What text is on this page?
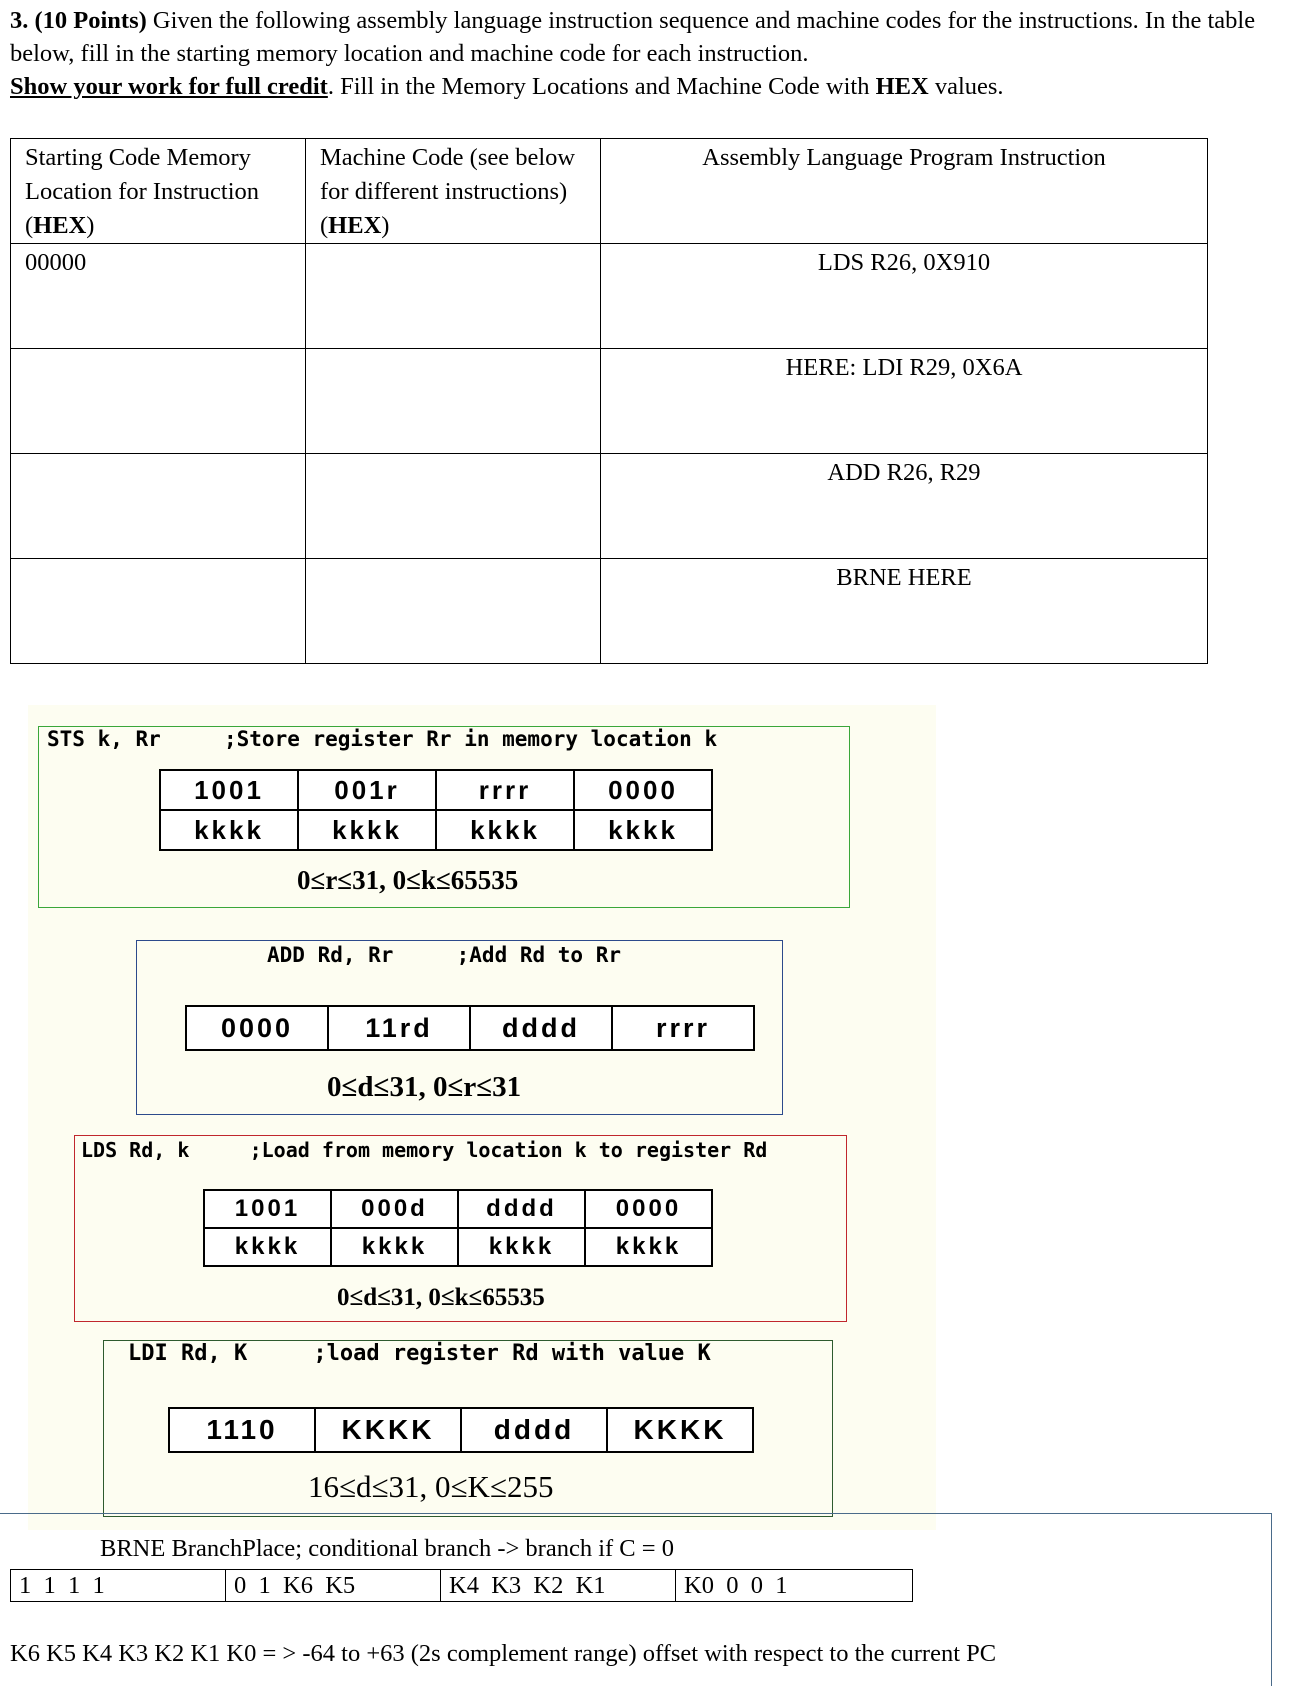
3. (10 Points) Given the following assembly language instruction sequence and machine codes for the instructions. In the table below, fill in the starting memory location and machine code for each instruction.
Show your work for full credit. Fill in the Memory Locations and Machine Code with HEX values.
Starting Code Memory Location for Instruction (HEX)	Machine Code (see below for different instructions) (HEX)	Assembly Language Program Instruction
00000		LDS R26, 0X910
		HERE: LDI R29, 0X6A
		ADD R26, R29
		BRNE HERE
STS k, Rr     ;Store register Rr in memory location k
1001	001r	rrrr	0000
kkkk	kkkk	kkkk	kkkk
0≤r≤31, 0≤k≤65535
ADD Rd, Rr     ;Add Rd to Rr
0000	11rd	dddd	rrrr
0≤d≤31, 0≤r≤31
LDS Rd, k     ;Load from memory location k to register Rd
1001	000d	dddd	0000
kkkk	kkkk	kkkk	kkkk
0≤d≤31, 0≤k≤65535
LDI Rd, K     ;load register Rd with value K
1110	KKKK	dddd	KKKK
16≤d≤31, 0≤K≤255
BRNE BranchPlace; conditional branch -> branch if C = 0
1  1  1  1	0  1  K6  K5	K4  K3  K2  K1	K0  0  0  1
K6 K5 K4 K3 K2 K1 K0 = > -64 to +63 (2s complement range) offset with respect to the current PC
